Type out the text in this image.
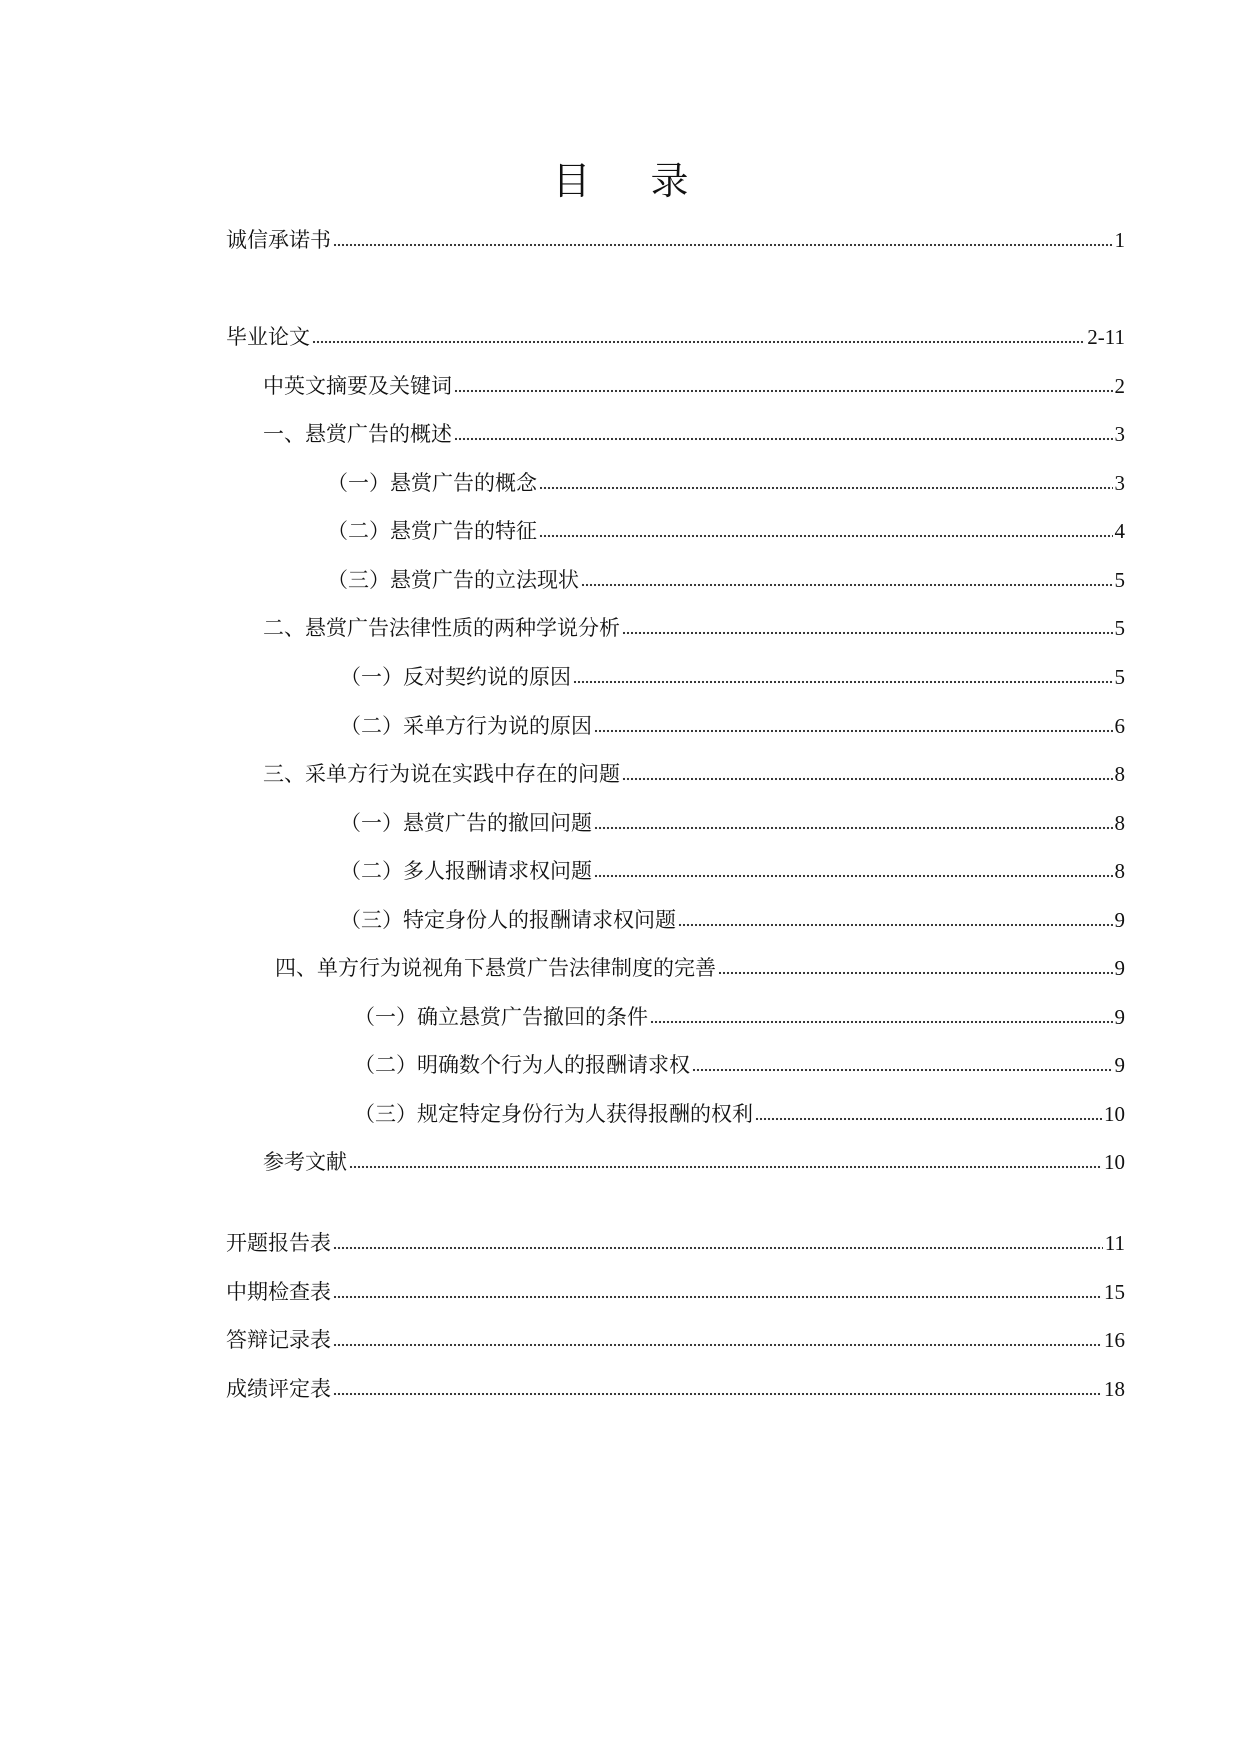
目 录
诚信承诺书	1
毕业论文	2-11
中英文摘要及关键词	2
一、悬赏广告的概述	3
（一）悬赏广告的概念	3
（二）悬赏广告的特征	4
（三）悬赏广告的立法现状	5
二、悬赏广告法律性质的两种学说分析	5
（一）反对契约说的原因	5
（二）采单方行为说的原因	6
三、采单方行为说在实践中存在的问题	8
（一）悬赏广告的撤回问题	8
（二）多人报酬请求权问题	8
（三）特定身份人的报酬请求权问题	9
四、单方行为说视角下悬赏广告法律制度的完善	9
（一）确立悬赏广告撤回的条件	9
（二）明确数个行为人的报酬请求权	9
（三）规定特定身份行为人获得报酬的权利	10
参考文献	10
开题报告表	11
中期检查表	15
答辩记录表	16
成绩评定表	18
